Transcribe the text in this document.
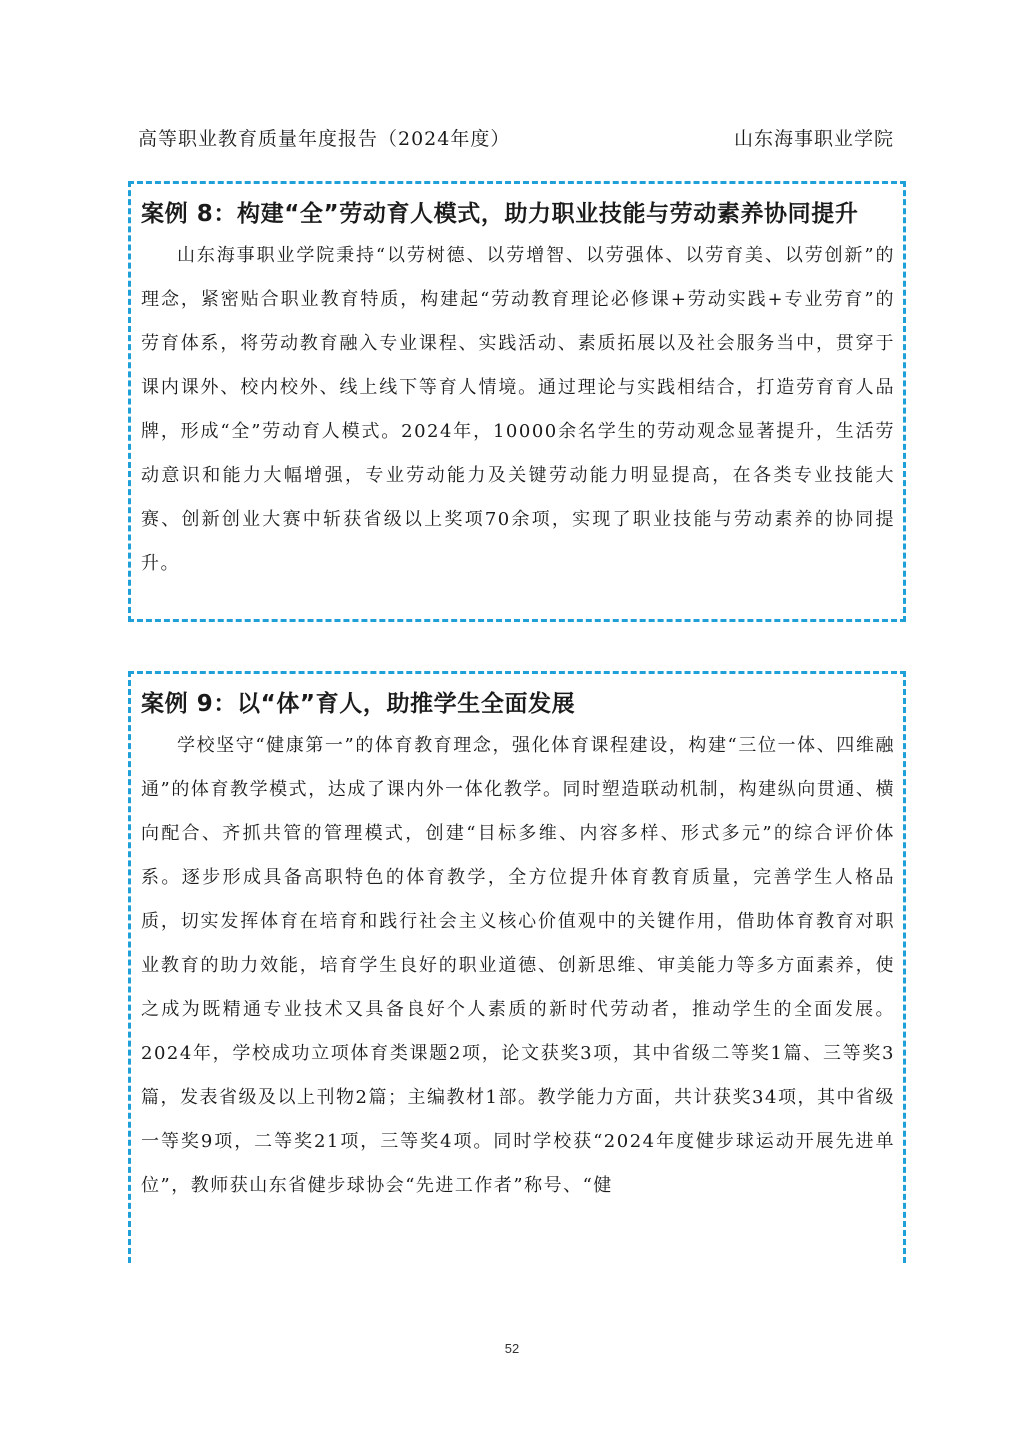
高等职业教育质量年度报告（2024年度）	山东海事职业学院
案例 8：构建“全”劳动育人模式，助力职业技能与劳动素养协同提升

山东海事职业学院秉持“以劳树德、以劳增智、以劳强体、以劳育美、以劳创新”的理念，紧密贴合职业教育特质，构建起“劳动教育理论必修课+劳动实践+专业劳育”的劳育体系，将劳动教育融入专业课程、实践活动、素质拓展以及社会服务当中，贯穿于课内课外、校内校外、线上线下等育人情境。通过理论与实践相结合，打造劳育育人品牌，形成“全”劳动育人模式。2024年，10000余名学生的劳动观念显著提升，生活劳动意识和能力大幅增强，专业劳动能力及关键劳动能力明显提高，在各类专业技能大赛、创新创业大赛中斩获省级以上奖项70余项，实现了职业技能与劳动素养的协同提升。

案例 9：以“体”育人，助推学生全面发展

学校坚守“健康第一”的体育教育理念，强化体育课程建设，构建“三位一体、四维融通”的体育教学模式，达成了课内外一体化教学。同时塑造联动机制，构建纵向贯通、横向配合、齐抓共管的管理模式，创建“目标多维、内容多样、形式多元”的综合评价体系。逐步形成具备高职特色的体育教学，全方位提升体育教育质量，完善学生人格品质，切实发挥体育在培育和践行社会主义核心价值观中的关键作用，借助体育教育对职业教育的助力效能，培育学生良好的职业道德、创新思维、审美能力等多方面素养，使之成为既精通专业技术又具备良好个人素质的新时代劳动者，推动学生的全面发展。2024年，学校成功立项体育类课题2项，论文获奖3项，其中省级二等奖1篇、三等奖3篇，发表省级及以上刊物2篇；主编教材1部。教学能力方面，共计获奖34项，其中省级一等奖9项，二等奖21项，三等奖4项。同时学校获“2024年度健步球运动开展先进单位”，教师获山东省健步球协会“先进工作者”称号、“健

52
